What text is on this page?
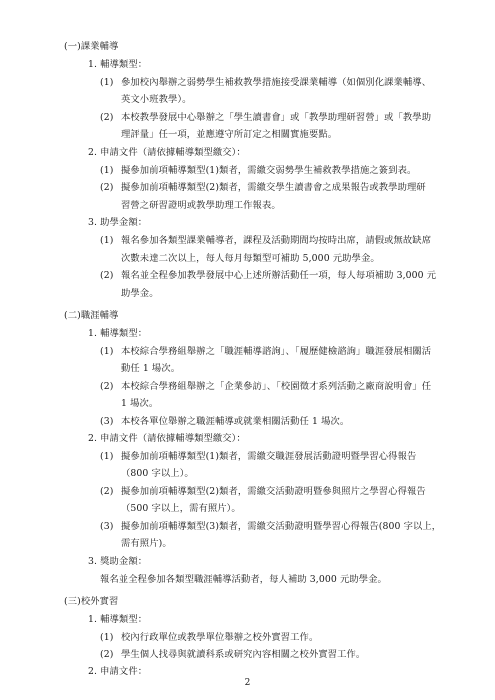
(一)課業輔導
1. 輔導類型：
(1) 參加校內舉辦之弱勢學生補救教學措施接受課業輔導（如個別化課業輔導、
英文小班教學）。
(2) 本校教學發展中心舉辦之「學生讀書會」或「教學助理研習營」或「教學助
理評量」任一項，並應遵守所訂定之相關實施要點。
2. 申請文件（請依據輔導類型繳交）：
(1) 擬參加前項輔導類型(1)類者，需繳交弱勢學生補救教學措施之簽到表。
(2) 擬參加前項輔導類型(2)類者，需繳交學生讀書會之成果報告或教學助理研
習營之研習證明或教學助理工作報表。
3. 助學金額：
(1) 報名參加各類型課業輔導者，課程及活動期間均按時出席，請假或無故缺席
次數未達二次以上，每人每月每類型可補助 5,000 元助學金。
(2) 報名並全程參加教學發展中心上述所辦活動任一項，每人每項補助 3,000 元
助學金。
(二)職涯輔導
1. 輔導類型：
(1) 本校綜合學務組舉辦之「職涯輔導諮詢」、「履歷健檢諮詢」職涯發展相關活
動任 1 場次。
(2) 本校綜合學務組舉辦之「企業參訪」、「校園徵才系列活動之廠商說明會」任
1 場次。
(3) 本校各單位舉辦之職涯輔導或就業相關活動任 1 場次。
2. 申請文件（請依據輔導類型繳交）：
(1) 擬參加前項輔導類型(1)類者，需繳交職涯發展活動證明暨學習心得報告
（800 字以上）。
(2) 擬參加前項輔導類型(2)類者，需繳交活動證明暨參與照片之學習心得報告
（500 字以上，需有照片）。
(3) 擬參加前項輔導類型(3)類者，需繳交活動證明暨學習心得報告(800 字以上，
需有照片)。
3. 獎助金額：
報名並全程參加各類型職涯輔導活動者，每人補助 3,000 元助學金。
(三)校外實習
1. 輔導類型：
(1) 校內行政單位或教學單位舉辦之校外實習工作。
(2) 學生個人找尋與就讀科系或研究內容相關之校外實習工作。
2
2. 申請文件：
